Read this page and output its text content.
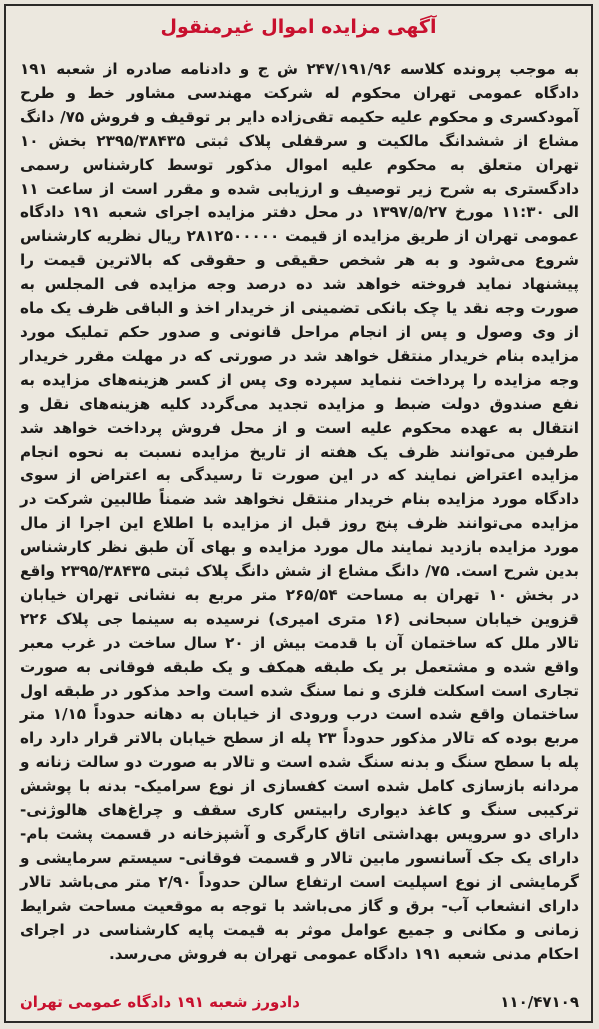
آگهی مزایده اموال غیرمنقول
به موجب پرونده کلاسه ۲۴۷/۱۹۱/۹۶ ش ج و دادنامه صادره از شعبه ۱۹۱ دادگاه عمومی تهران محکوم له شرکت مهندسی مشاور خط و طرح آمودکسری و محکوم علیه حکیمه تقی‌زاده دایر بر توقیف و فروش ۷۵/ دانگ مشاع از ششدانگ مالکیت و سرقفلی پلاک ثبتی ۲۳۹۵/۳۸۴۳۵ بخش ۱۰ تهران متعلق به محکوم علیه اموال مذکور توسط کارشناس رسمی دادگستری به شرح زیر توصیف و ارزیابی شده و مقرر است از ساعت ۱۱ الی ۱۱:۳۰ مورخ ۱۳۹۷/۵/۲۷ در محل دفتر مزایده اجرای شعبه ۱۹۱ دادگاه عمومی تهران از طریق مزایده از قیمت ۲۸۱۲۵۰۰۰۰۰ ریال نظریه کارشناس شروع می‌شود و به هر شخص حقیقی و حقوقی که بالاترین قیمت را پیشنهاد نماید فروخته خواهد شد ده درصد وجه مزایده فی المجلس به صورت وجه نقد یا چک بانکی تضمینی از خریدار اخذ و الباقی ظرف یک ماه از وی وصول و پس از انجام مراحل قانونی و صدور حکم تملیک مورد مزایده بنام خریدار منتقل خواهد شد در صورتی که در مهلت مقرر خریدار وجه مزایده را پرداخت ننماید سپرده وی پس از کسر هزینه‌های مزایده به نفع صندوق دولت ضبط و مزایده تجدید می‌گردد کلیه هزینه‌های نقل و انتقال به عهده محکوم علیه است و از محل فروش پرداخت خواهد شد طرفین می‌توانند ظرف یک هفته از تاریخ مزایده نسبت به نحوه انجام مزایده اعتراض نمایند که در این صورت تا رسیدگی به اعتراض از سوی دادگاه مورد مزایده بنام خریدار منتقل نخواهد شد ضمناً طالبین شرکت در مزایده می‌توانند ظرف پنج روز قبل از مزایده با اطلاع این اجرا از مال مورد مزایده بازدید نمایند مال مورد مزایده و بهای آن طبق نظر کارشناس بدین شرح است. ۷۵/ دانگ مشاع از شش دانگ پلاک ثبتی ۲۳۹۵/۳۸۴۳۵ واقع در بخش ۱۰ تهران به مساحت ۲۶۵/۵۴ متر مربع به نشانی تهران خیابان قزوین خیابان سبحانی (۱۶ متری امیری) نرسیده به سینما جی پلاک ۲۲۶ تالار ملل که ساختمان آن با قدمت بیش از ۲۰ سال ساخت در غرب معبر واقع شده و مشتعمل بر یک طبقه همکف و یک طبقه فوقانی به صورت تجاری است اسکلت فلزی و نما سنگ شده است واحد مذکور در طبقه اول ساختمان واقع شده است درب ورودی از خیابان به دهانه حدوداً ۱/۱۵ متر مربع بوده که تالار مذکور حدوداً ۲۳ پله از سطح خیابان بالاتر قرار دارد راه پله با سطح سنگ و بدنه سنگ شده است و تالار به صورت دو سالت زنانه و مردانه بازسازی کامل شده است کفسازی از نوع سرامیک- بدنه با پوشش ترکیبی سنگ و کاغذ دیواری رابیتس کاری سقف و چراغ‌های هالوژنی- دارای دو سرویس بهداشتی اتاق کارگری و آشپزخانه در قسمت پشت بام- دارای یک جک آسانسور مابین تالار و قسمت فوقانی- سیستم سرمایشی و گرمایشی از نوع اسپلیت است ارتفاع سالن حدوداً ۲/۹۰ متر می‌باشد تالار دارای انشعاب آب- برق و گاز می‌باشد با توجه به موقعیت مساحت شرایط زمانی و مکانی و جمیع عوامل موثر به قیمت پایه کارشناسی در اجرای احکام مدنی شعبه ۱۹۱ دادگاه عمومی تهران به فروش می‌رسد.
۱۱۰/۴۷۱۰۹
دادورز شعبه ۱۹۱ دادگاه عمومی تهران
